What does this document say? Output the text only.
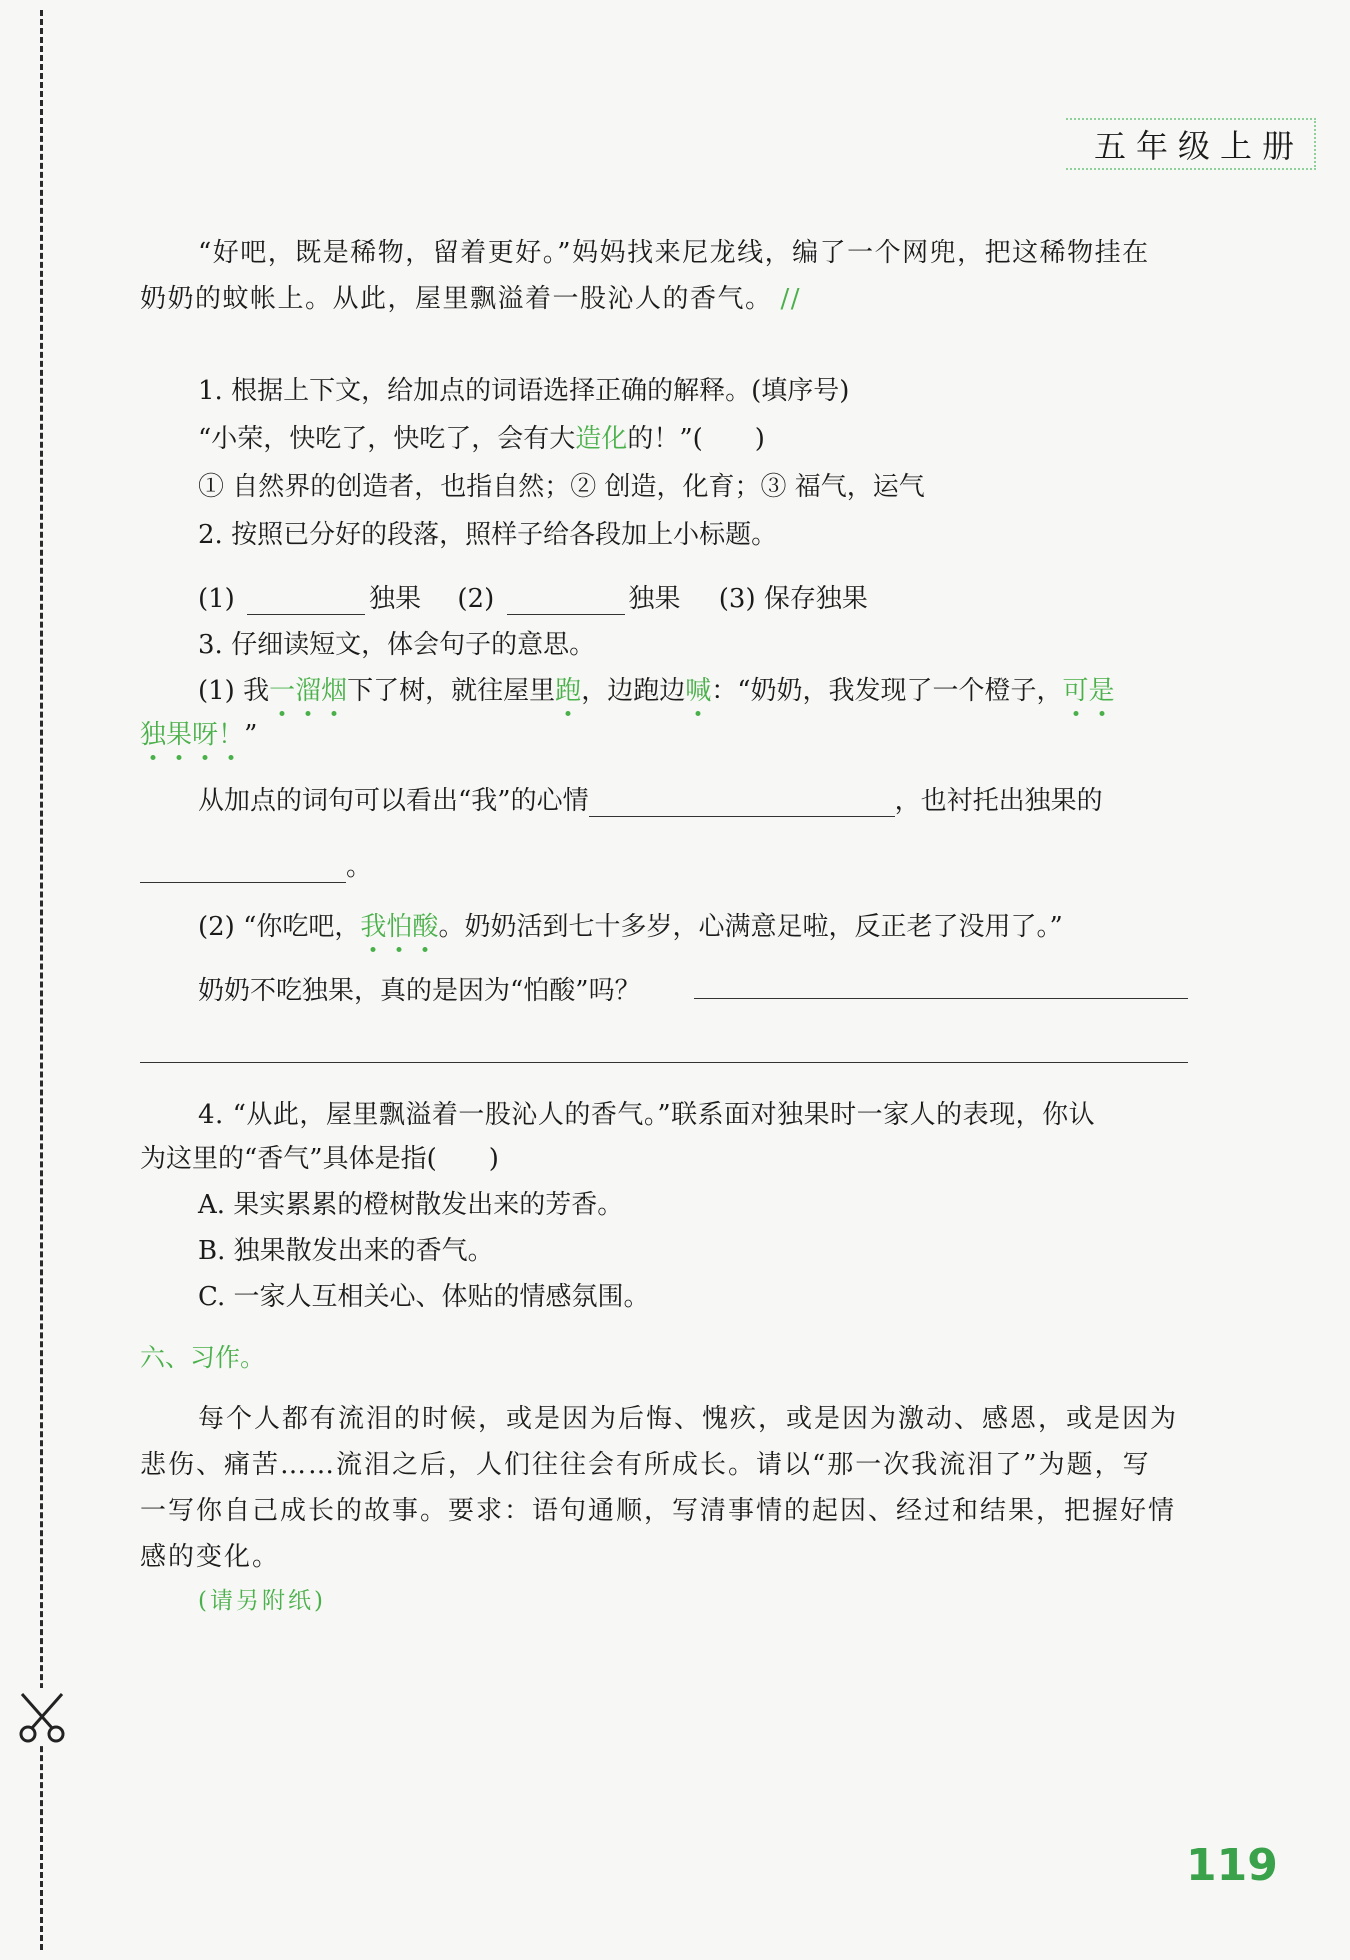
五年级上册
“好吧，既是稀物，留着更好。”妈妈找来尼龙线，编了一个网兜，把这稀物挂在
奶奶的蚊帐上。从此，屋里飘溢着一股沁人的香气。 //
1. 根据上下文，给加点的词语选择正确的解释。(填序号)
“小荣，快吃了，快吃了，会有大造化的！”(　　)
① 自然界的创造者，也指自然；② 创造，化育；③ 福气，运气
2. 按照已分好的段落，照样子给各段加上小标题。
(1)	独果 (2)	独果 (3) 保存独果
3. 仔细读短文，体会句子的意思。
(1) 我一溜烟下了树，就往屋里跑，边跑边喊：“奶奶，我发现了一个橙子，可是
独果呀！”
从加点的词句可以看出“我”的心情	，也衬托出独果的
。
(2) “你吃吧，我怕酸。奶奶活到七十多岁，心满意足啦，反正老了没用了。”
奶奶不吃独果，真的是因为“怕酸”吗？
4. “从此，屋里飘溢着一股沁人的香气。”联系面对独果时一家人的表现，你认
为这里的“香气”具体是指(　　)
A. 果实累累的橙树散发出来的芳香。
B. 独果散发出来的香气。
C. 一家人互相关心、体贴的情感氛围。
六、习作。
每个人都有流泪的时候，或是因为后悔、愧疚，或是因为激动、感恩，或是因为
悲伤、痛苦……流泪之后，人们往往会有所成长。请以“那一次我流泪了”为题，写
一写你自己成长的故事。要求：语句通顺，写清事情的起因、经过和结果，把握好情
感的变化。
(请另附纸)
119
